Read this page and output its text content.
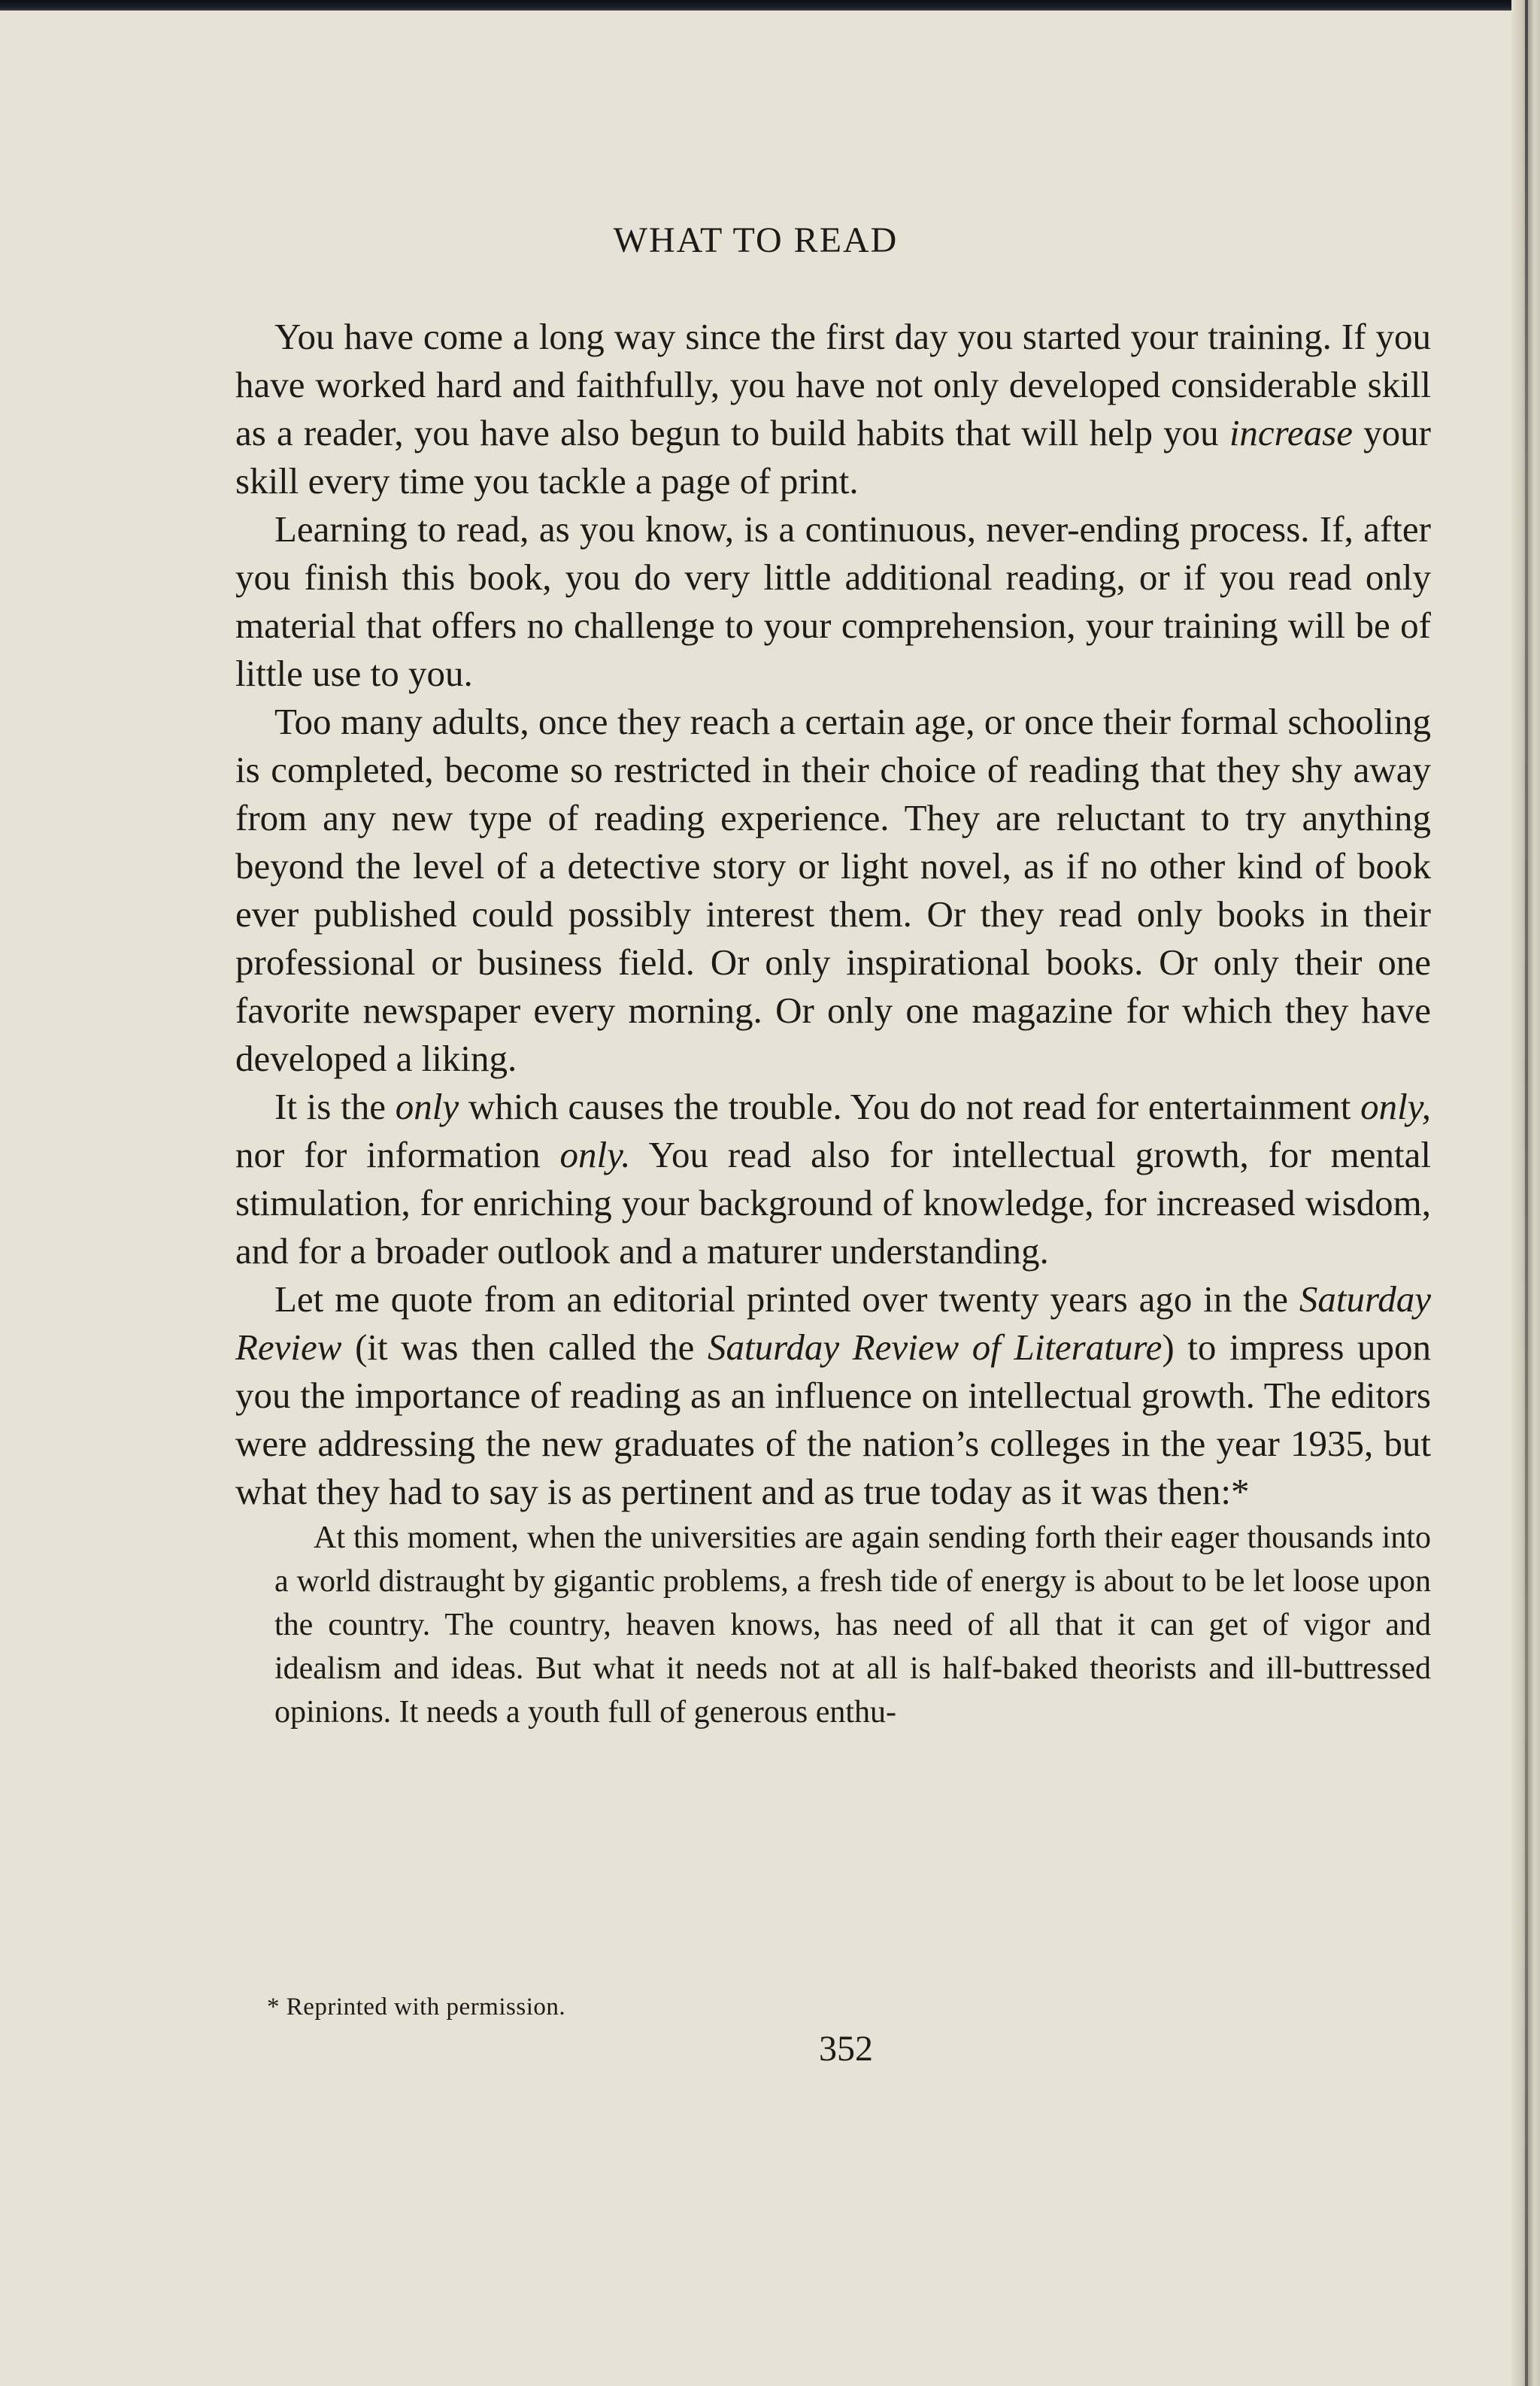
WHAT TO READ

You have come a long way since the first day you started your training. If you have worked hard and faithfully, you have not only developed considerable skill as a reader, you have also begun to build habits that will help you increase your skill every time you tackle a page of print.

Learning to read, as you know, is a continuous, never-ending process. If, after you finish this book, you do very little additional reading, or if you read only material that offers no challenge to your comprehension, your training will be of little use to you.

Too many adults, once they reach a certain age, or once their formal schooling is completed, become so restricted in their choice of reading that they shy away from any new type of reading experience. They are reluctant to try anything beyond the level of a detective story or light novel, as if no other kind of book ever published could possibly interest them. Or they read only books in their professional or business field. Or only inspirational books. Or only their one favorite newspaper every morning. Or only one magazine for which they have developed a liking.

It is the only which causes the trouble. You do not read for entertainment only, nor for information only. You read also for intellectual growth, for mental stimulation, for enriching your background of knowledge, for increased wisdom, and for a broader outlook and a maturer understanding.

Let me quote from an editorial printed over twenty years ago in the Saturday Review (it was then called the Saturday Review of Literature) to impress upon you the importance of reading as an influence on intellectual growth. The editors were addressing the new graduates of the nation’s colleges in the year 1935, but what they had to say is as pertinent and as true today as it was then:*

At this moment, when the universities are again sending forth their eager thousands into a world distraught by gigantic problems, a fresh tide of energy is about to be let loose upon the country. The country, heaven knows, has need of all that it can get of vigor and idealism and ideas. But what it needs not at all is half-baked theorists and ill-buttressed opinions. It needs a youth full of generous enthu-

* Reprinted with permission.
352
